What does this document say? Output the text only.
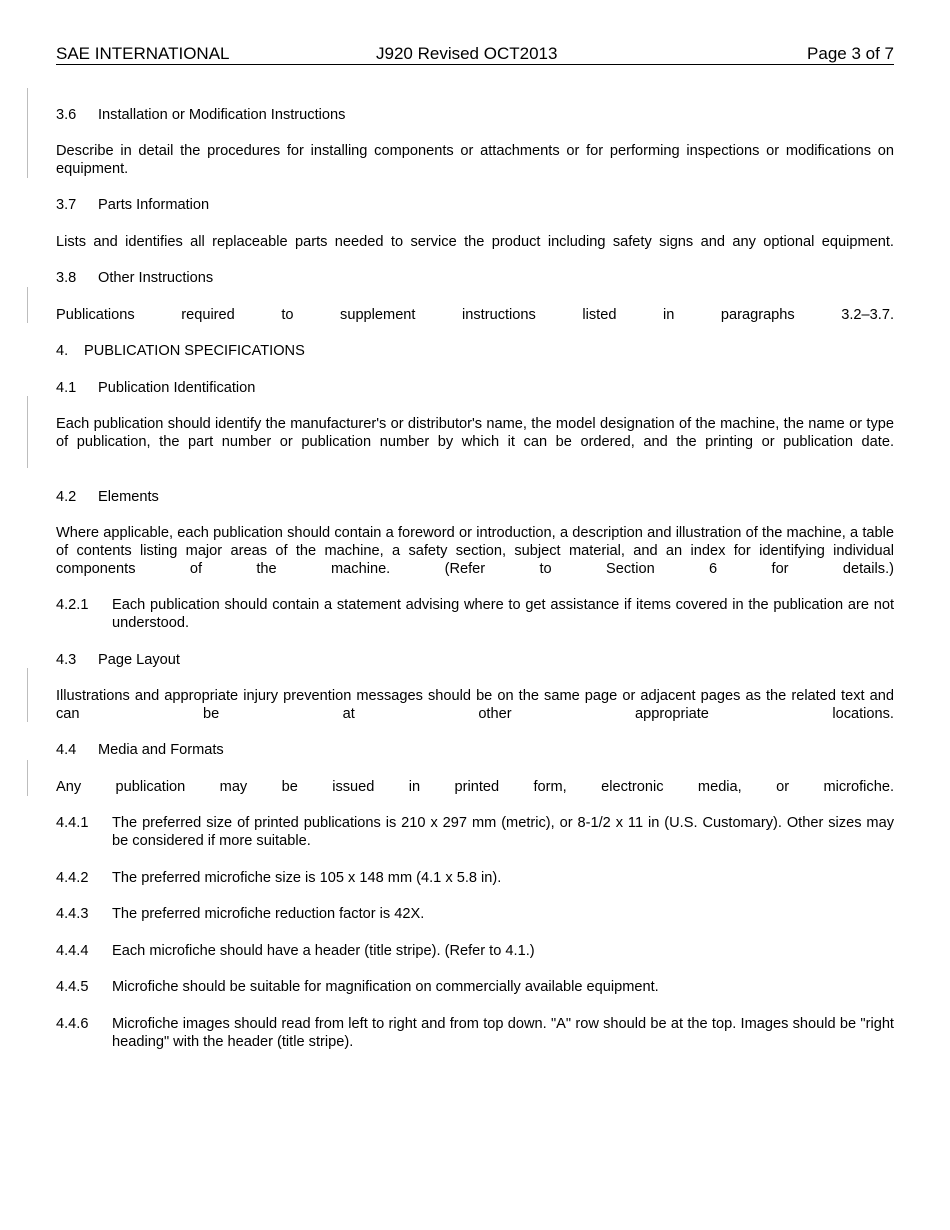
SAE INTERNATIONAL	J920 Revised OCT2013	Page 3 of 7
3.6 Installation or Modification Instructions
Describe in detail the procedures for installing components or attachments or for performing inspections or modifications on equipment.
3.7 Parts Information
Lists and identifies all replaceable parts needed to service the product including safety signs and any optional equipment.
3.8 Other Instructions
Publications required to supplement instructions listed in paragraphs 3.2–3.7.
4. PUBLICATION SPECIFICATIONS
4.1 Publication Identification
Each publication should identify the manufacturer's or distributor's name, the model designation of the machine, the name or type of publication, the part number or publication number by which it can be ordered, and the printing or publication date.
4.2 Elements
Where applicable, each publication should contain a foreword or introduction, a description and illustration of the machine, a table of contents listing major areas of the machine, a safety section, subject material, and an index for identifying individual components of the machine. (Refer to Section 6 for details.)
4.2.1	Each publication should contain a statement advising where to get assistance if items covered in the publication are not understood.
4.3 Page Layout
Illustrations and appropriate injury prevention messages should be on the same page or adjacent pages as the related text and can be at other appropriate locations.
4.4 Media and Formats
Any publication may be issued in printed form, electronic media, or microfiche.
4.4.1	The preferred size of printed publications is 210 x 297 mm (metric), or 8-1/2 x 11 in (U.S. Customary). Other sizes may be considered if more suitable.
4.4.2	The preferred microfiche size is 105 x 148 mm (4.1 x 5.8 in).
4.4.3	The preferred microfiche reduction factor is 42X.
4.4.4	Each microfiche should have a header (title stripe). (Refer to 4.1.)
4.4.5	Microfiche should be suitable for magnification on commercially available equipment.
4.4.6	Microfiche images should read from left to right and from top down. "A" row should be at the top. Images should be "right heading" with the header (title stripe).
